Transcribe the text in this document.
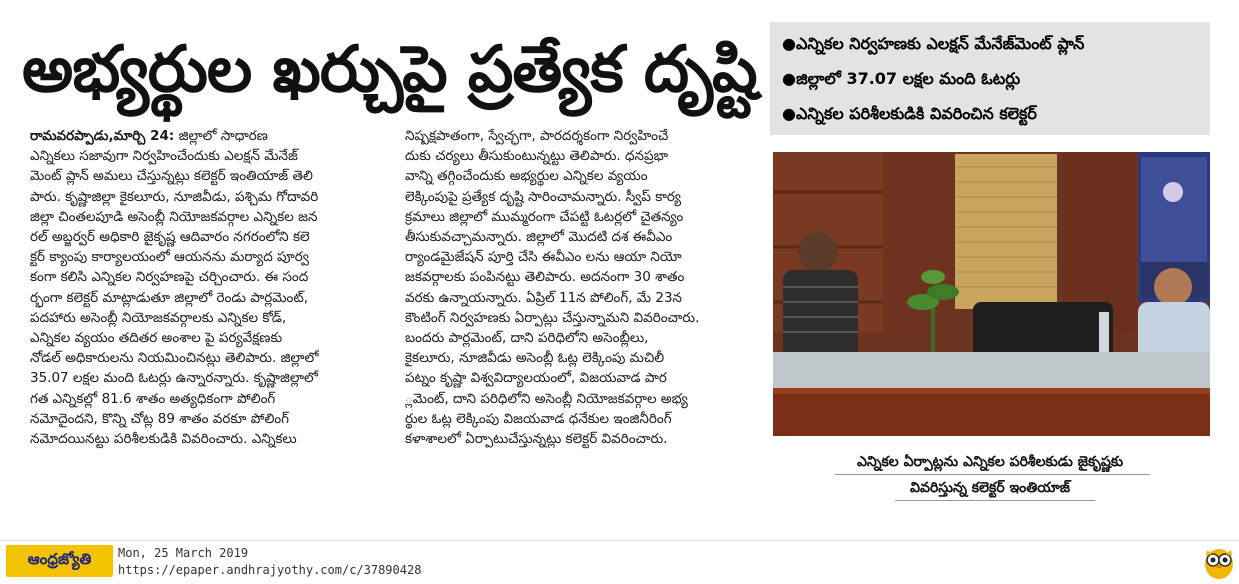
అభ్యర్థుల ఖర్చుపై ప్రత్యేక దృష్టి	●ఎన్నికల నిర్వహణకు ఎలక్షన్ మేనేజ్‌మెంట్ ప్లాన్
●జిల్లాలో 37.07 లక్షల మంది ఓటర్లు
●ఎన్నికల పరిశీలకుడికి వివరించిన కలెక్టర్
రామవరప్పాడు,మార్చి 24: జిల్లాలో సాధారణ
ఎన్నికలు సజావుగా నిర్వహించేందుకు ఎలక్షన్ మేనేజ్
మెంట్ ప్లాన్ అమలు చేస్తున్నట్లు కలెక్టర్ ఇంతియాజ్ తెలి
పారు. కృష్ణాజిల్లా కైకలూరు, నూజివీడు, పశ్చిమ గోదావరి
జిల్లా చింతలపూడి అసెంబ్లీ నియోజకవర్గాల ఎన్నికల జన
రల్ అబ్జర్వర్ అధికారి జైకృష్ణ ఆదివారం నగరంలోని కలె
క్టర్ క్యాంపు కార్యాలయంలో ఆయనను మర్యాద పూర్వ
కంగా కలిసి ఎన్నికల నిర్వహణపై చర్చించారు. ఈ సంద
ర్భంగా కలెక్టర్ మాట్లాడుతూ జిల్లాలో రెండు పార్లమెంట్,
పదహారు అసెంబ్లీ నియోజకవర్గాలకు ఎన్నికల కోడ్,
ఎన్నికల వ్యయం తదితర అంశాల పై పర్యవేక్షణకు
నోడల్ అధికారులను నియమించినట్లు తెలిపారు. జిల్లాలో
35.07 లక్షల మంది ఓటర్లు ఉన్నారన్నారు. కృష్ణాజిల్లాలో
గత ఎన్నికల్లో 81.6 శాతం అత్యధికంగా పోలింగ్
నమోదైందని, కొన్ని చోట్ల 89 శాతం వరకూ పోలింగ్
నమోదయినట్టు పరిశీలకుడికి వివరించారు. ఎన్నికలు
నిష్పక్షపాతంగా, స్వేచ్ఛగా, పారదర్శకంగా నిర్వహించే
దుకు చర్యలు తీసుకుంటున్నట్టు తెలిపారు. ధనప్రభా
వాన్ని తగ్గించేందుకు అభ్యర్థుల ఎన్నికల వ్యయం
లెక్కింపుపై ప్రత్యేక దృష్టి సారించామన్నారు. స్వీప్ కార్య
క్రమాలు జిల్లాలో ముమ్మరంగా చేపట్టి ఓటర్లలో చైతన్యం
తీసుకువచ్చామన్నారు. జిల్లాలో మొదటి దశ ఈవీఎం
ర్యాండమైజేషన్ పూర్తి చేసి ఈవీఎం లను ఆయా నియో
జకవర్గాలకు పంపినట్టు తెలిపారు. అదనంగా 30 శాతం
వరకు ఉన్నాయన్నారు. ఏప్రిల్ 11న పోలింగ్, మే 23న
కౌంటింగ్ నిర్వహణకు ఏర్పాట్లు చేస్తున్నామని వివరించారు.
బందరు పార్లమెంట్, దాని పరిధిలోని అసెంబ్లీలు,
కైకలూరు, నూజివీడు అసెంబ్లీ ఓట్ల లెక్కింపు మచిలీ
పట్నం కృష్ణా విశ్వవిద్యాలయంలో, విజయవాడ పార
్లమెంట్, దాని పరిధిలోని అసెంబ్లీ నియోజకవర్గాల అభ్య
ర్థుల ఓట్ల లెక్కింపు విజయవాడ ధనేకుల ఇంజినీరింగ్
కళాశాలలో ఏర్పాటుచేస్తున్నట్లు కలెక్టర్ వివరించారు.
ఎన్నికల ఏర్పాట్లను ఎన్నికల పరిశీలకుడు జైకృష్ణకు
వివరిస్తున్న కలెక్టర్ ఇంతియాజ్
ఆంధ్రజ్యోతి	Mon, 25 March 2019
https://epaper.andhrajyothy.com/c/37890428
